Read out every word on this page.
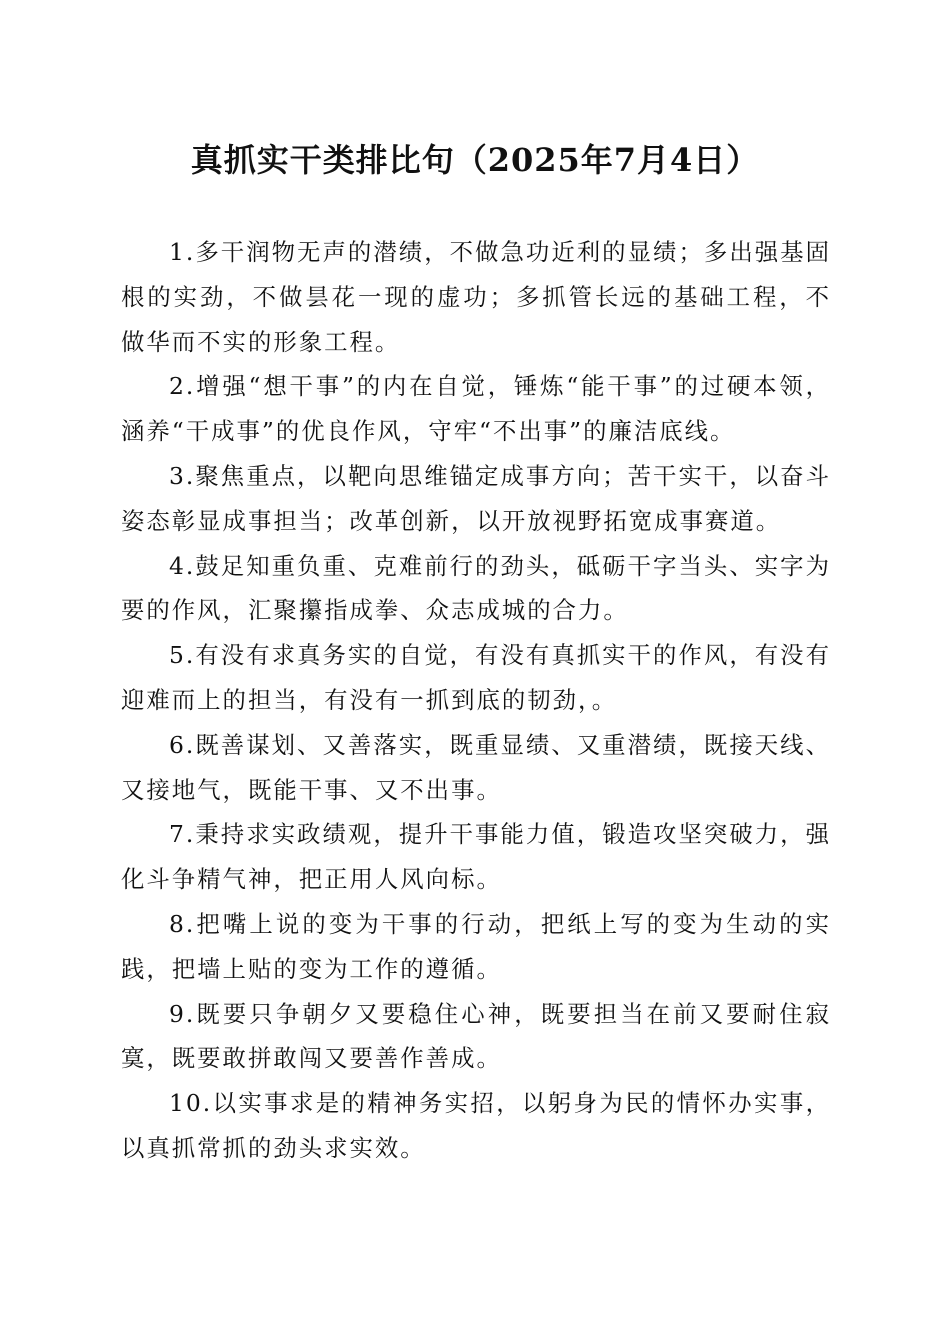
真抓实干类排比句（2025年7月4日）

1.多干润物无声的潜绩，不做急功近利的显绩；多出强基固根的实劲，不做昙花一现的虚功；多抓管长远的基础工程，不做华而不实的形象工程。

2.增强“想干事”的内在自觉，锤炼“能干事”的过硬本领，涵养“干成事”的优良作风，守牢“不出事”的廉洁底线。

3.聚焦重点，以靶向思维锚定成事方向；苦干实干，以奋斗姿态彰显成事担当；改革创新，以开放视野拓宽成事赛道。

4.鼓足知重负重、克难前行的劲头，砥砺干字当头、实字为要的作风，汇聚攥指成拳、众志成城的合力。

5.有没有求真务实的自觉，有没有真抓实干的作风，有没有迎难而上的担当，有没有一抓到底的韧劲，。

6.既善谋划、又善落实，既重显绩、又重潜绩，既接天线、又接地气，既能干事、又不出事。

7.秉持求实政绩观，提升干事能力值，锻造攻坚突破力，强化斗争精气神，把正用人风向标。

8.把嘴上说的变为干事的行动，把纸上写的变为生动的实践，把墙上贴的变为工作的遵循。

9.既要只争朝夕又要稳住心神，既要担当在前又要耐住寂寞，既要敢拼敢闯又要善作善成。

10.以实事求是的精神务实招，以躬身为民的情怀办实事，以真抓常抓的劲头求实效。
